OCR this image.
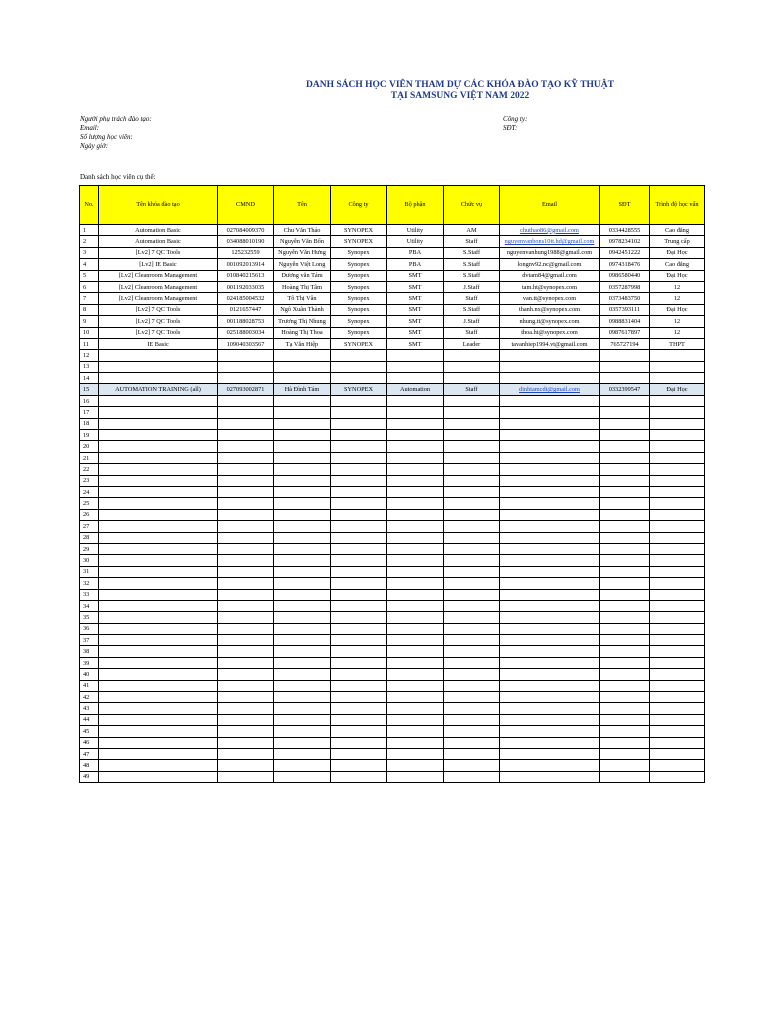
DANH SÁCH HỌC VIÊN THAM DỰ CÁC KHÓA ĐÀO TẠO KỸ THUẬT
TẠI SAMSUNG VIỆT NAM 2022
Người phụ trách đào tạo:
Email:
Số lượng học viên:
Ngày giờ:
Công ty:
SĐT:
Danh sách học viên cụ thể:
No.	Tên khóa đào tạo	CMND	Tên	Công ty	Bộ phận	Chức vụ	Email	SĐT	Trình độ học vấn
1	Automation Basic	027084009370	Chu Văn Thảo	SYNOPEX	Utility	AM	chuthao86@gmail.com	0334428555	Cao đẳng
2	Automation Basic	034088010190	Nguyễn Văn Bốn	SYNOPEX	Utility	Staff	nguyenvanbons10tt.hd@gmail.com	0978234102	Trung cấp
3	[Lv2] 7 QC Tools	125232559	Nguyễn Văn Hưng	Synopex	PBA	S.Staff	nguyenvanhung1988@gmail.com	0942451222	Đại Học
4	[Lv2] IE Basic	001092013914	Nguyễn Việt Long	Synopex	PBA	S.Staff	longnv92.nc@gmail.com	0974318476	Cao đẳng
5	[Lv2] Cleanroom Management	010840215613	Dương văn Tám	Synopex	SMT	S.Staff	dvtam84@gmail.com	0986580440	Đại Học
6	[Lv2] Cleanroom Management	001192033035	Hoàng Thị Tâm	Synopex	SMT	J.Staff	tam.ht@synopex.com	0357287998	12
7	[Lv2] Cleanroom Management	024185004532	Tô Thị Vân	Synopex	SMT	Staff	van.tt@synopex.com	0373483750	12
8	[Lv2] 7 QC Tools	0121657447	Ngô Xuân Thành	Synopex	SMT	S.Staff	thanh.nx@synopex.com	0357393111	Đại Học
9	[Lv2] 7 QC Tools	001188028753	Trương Thị Nhung	Synopex	SMT	J.Staff	nhung.tt@synopex.com	0988831404	12
10	[Lv2] 7 QC Tools	025188003034	Hoàng Thị Thoa	Synopex	SMT	Staff	thoa.ht@synopex.com	0987617897	12
11	IE Basic	109040303567	Tạ Văn Hiệp	SYNOPEX	SMT	Leader	tavanhiep1994.vt@gmail.com	765727194	THPT
12									
13									
14									
15	AUTOMATION TRAINING (all)	027093002871	Hà Đình Tám	SYNOPEX	Automation	Staff	dinhtamcdt@gmail.com	0332399547	Đại Học
16									
17									
18									
19									
20									
21									
22									
23									
24									
25									
26									
27									
28									
29									
30									
31									
32									
33									
34									
35									
36									
37									
38									
39									
40									
41									
42									
43									
44									
45									
46									
47									
48									
49									
